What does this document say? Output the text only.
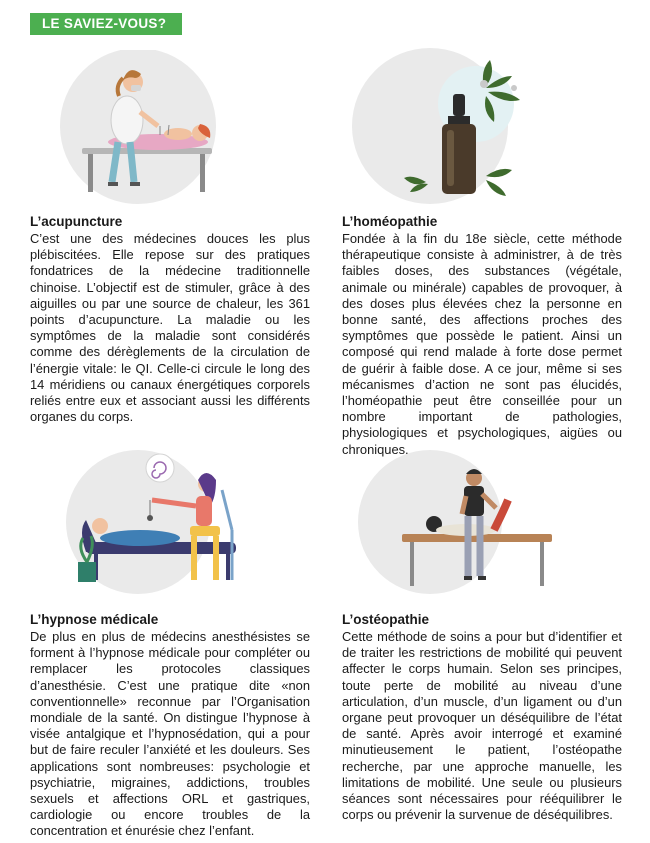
LE SAVIEZ-VOUS?
L’acupuncture

C’est une des médecines douces les plus plébiscitées. Elle repose sur des pratiques fondatrices de la médecine traditionnelle chinoise. L’objectif est de stimuler, grâce à des aiguilles ou par une source de chaleur, les 361 points d’acupuncture. La maladie ou les symptômes de la maladie sont considérés comme des dérèglements de la circulation de l’énergie vitale: le QI. Celle-ci circule le long des 14 méridiens ou canaux énergétiques corporels reliés entre eux et associant aussi les différents organes du corps.

L’homéopathie

Fondée à la fin du 18e siècle, cette méthode thérapeutique consiste à administrer, à de très faibles doses, des substances (végétale, animale ou minérale) capables de provoquer, à des doses plus élevées chez la personne en bonne santé, des affections proches des symptômes que possède le patient. Ainsi un composé qui rend malade à forte dose permet de guérir à faible dose. A ce jour, même si ses mécanismes d’action ne sont pas élucidés, l’homéopathie peut être conseillée pour un nombre important de pathologies, physiologiques et psychologiques, aigües ou chroniques.

L’hypnose médicale

De plus en plus de médecins anesthésistes se forment à l’hypnose médicale pour compléter ou remplacer les protocoles classiques d’anesthésie. C’est une pratique dite «non conventionnelle» reconnue par l’Organisation mondiale de la santé. On distingue l’hypnose à visée antalgique et l’hypnosédation, qui a pour but de faire reculer l’anxiété et les douleurs. Ses applications sont nombreuses: psychologie et psychiatrie, migraines, addictions, troubles sexuels et affections ORL et gastriques, cardiologie ou encore troubles de la concentration et énurésie chez l’enfant.

L’ostéopathie

Cette méthode de soins a pour but d’identifier et de traiter les restrictions de mobilité qui peuvent affecter le corps humain. Selon ses principes, toute perte de mobilité au niveau d’une articulation, d’un muscle, d’un ligament ou d’un organe peut provoquer un déséquilibre de l’état de santé. Après avoir interrogé et examiné minutieusement le patient, l’ostéopathe recherche, par une approche manuelle, les limitations de mobilité. Une seule ou plusieurs séances sont nécessaires pour rééquilibrer le corps ou prévenir la survenue de déséquilibres.
